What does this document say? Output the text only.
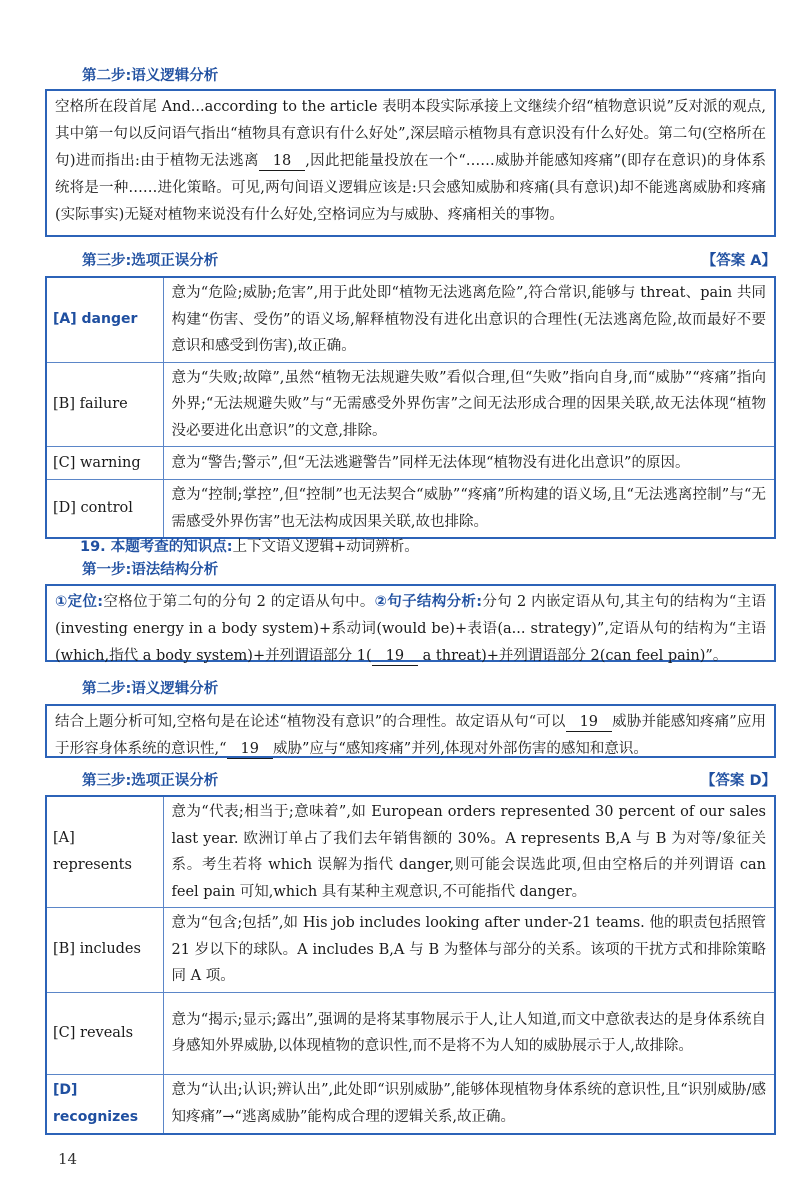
第二步:语义逻辑分析
空格所在段首尾 And...according to the article 表明本段实际承接上文继续介绍“植物意识说”反对派的观点,其中第一句以反问语气指出“植物具有意识有什么好处”,深层暗示植物具有意识没有什么好处。第二句(空格所在句)进而指出:由于植物无法逃离 18 ,因此把能量投放在一个“……威胁并能感知疼痛”(即存在意识)的身体系统将是一种……进化策略。可见,两句间语义逻辑应该是:只会感知威胁和疼痛(具有意识)却不能逃离威胁和疼痛(实际事实)无疑对植物来说没有什么好处,空格词应为与威胁、疼痛相关的事物。
第三步:选项正误分析	【答案 A】
[A] danger	意为“危险;威胁;危害”,用于此处即“植物无法逃离危险”,符合常识,能够与 threat、pain 共同构建“伤害、受伤”的语义场,解释植物没有进化出意识的合理性(无法逃离危险,故而最好不要意识和感受到伤害),故正确。
[B] failure	意为“失败;故障”,虽然“植物无法规避失败”看似合理,但“失败”指向自身,而“威胁”“疼痛”指向外界;“无法规避失败”与“无需感受外界伤害”之间无法形成合理的因果关联,故无法体现“植物没必要进化出意识”的文意,排除。
[C] warning	意为“警告;警示”,但“无法逃避警告”同样无法体现“植物没有进化出意识”的原因。
[D] control	意为“控制;掌控”,但“控制”也无法契合“威胁”“疼痛”所构建的语义场,且“无法逃离控制”与“无需感受外界伤害”也无法构成因果关联,故也排除。
19. 本题考查的知识点:上下文语义逻辑+动词辨析。
第一步:语法结构分析
①定位:空格位于第二句的分句 2 的定语从句中。②句子结构分析:分句 2 内嵌定语从句,其主句的结构为“主语(investing energy in a body system)+系动词(would be)+表语(a... strategy)”,定语从句的结构为“主语(which,指代 a body system)+并列谓语部分 1( 19 a threat)+并列谓语部分 2(can feel pain)”。
第二步:语义逻辑分析
结合上题分析可知,空格句是在论述“植物没有意识”的合理性。故定语从句“可以 19 威胁并能感知疼痛”应用于形容身体系统的意识性,“ 19 威胁”应与“感知疼痛”并列,体现对外部伤害的感知和意识。
第三步:选项正误分析	【答案 D】
[A] represents	意为“代表;相当于;意味着”,如 European orders represented 30 percent of our sales last year. 欧洲订单占了我们去年销售额的 30%。A represents B,A 与 B 为对等/象征关系。考生若将 which 误解为指代 danger,则可能会误选此项,但由空格后的并列谓语 can feel pain 可知,which 具有某种主观意识,不可能指代 danger。
[B] includes	意为“包含;包括”,如 His job includes looking after under-21 teams. 他的职责包括照管 21 岁以下的球队。A includes B,A 与 B 为整体与部分的关系。该项的干扰方式和排除策略同 A 项。
[C] reveals	意为“揭示;显示;露出”,强调的是将某事物展示于人,让人知道,而文中意欲表达的是身体系统自身感知外界威胁,以体现植物的意识性,而不是将不为人知的威胁展示于人,故排除。
[D] recognizes	意为“认出;认识;辨认出”,此处即“识别威胁”,能够体现植物身体系统的意识性,且“识别威胁/感知疼痛”→“逃离威胁”能构成合理的逻辑关系,故正确。
14
